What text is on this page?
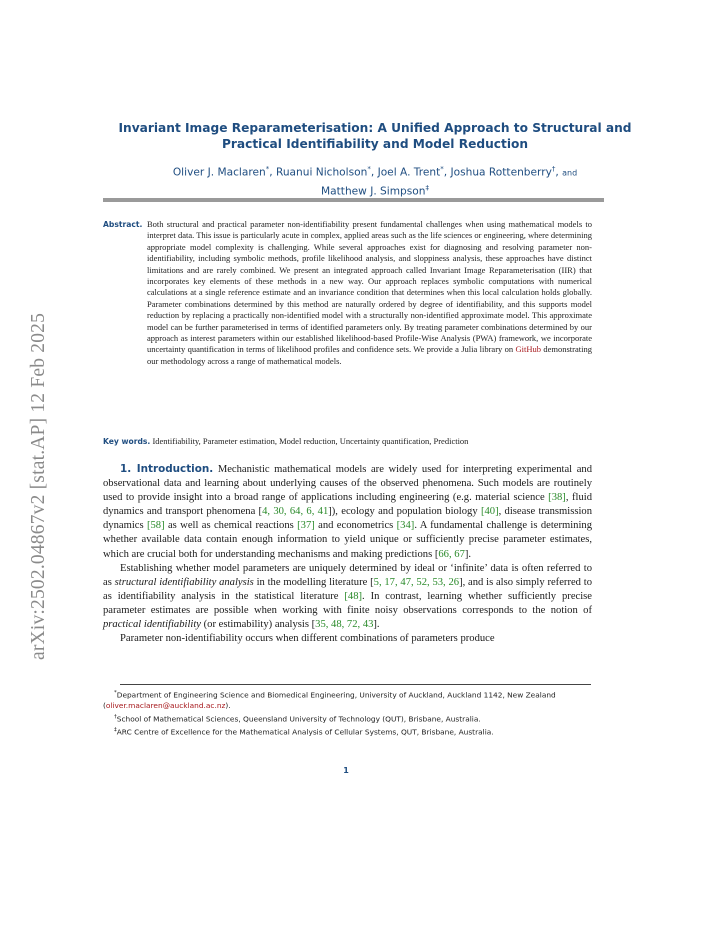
arXiv:2502.04867v2 [stat.AP] 12 Feb 2025
Invariant Image Reparameterisation: A Unified Approach to Structural and
Practical Identifiability and Model Reduction
Oliver J. Maclaren*, Ruanui Nicholson*, Joel A. Trent*, Joshua Rottenberry†, and
Matthew J. Simpson‡
Abstract. Both structural and practical parameter non-identifiability present fundamental challenges when using mathematical models to interpret data. This issue is particularly acute in complex, applied areas such as the life sciences or engineering, where determining appropriate model complexity is challenging. While several approaches exist for diagnosing and resolving parameter non-identifiability, including symbolic methods, profile likelihood analysis, and sloppiness analysis, these approaches have distinct limitations and are rarely combined. We present an integrated approach called Invariant Image Reparameterisation (IIR) that incorporates key elements of these methods in a new way. Our approach replaces symbolic computations with numerical calculations at a single reference estimate and an invariance condition that determines when this local calculation holds globally. Parameter combinations determined by this method are naturally ordered by degree of identifiability, and this supports model reduction by replacing a practically non-identified model with a structurally non-identified approximate model. This approximate model can be further parameterised in terms of identified parameters only. By treating parameter combinations determined by our approach as interest parameters within our established likelihood-based Profile-Wise Analysis (PWA) framework, we incorporate uncertainty quantification in terms of likelihood profiles and confidence sets. We provide a Julia library on GitHub demonstrating our methodology across a range of mathematical models.
Key words. Identifiability, Parameter estimation, Model reduction, Uncertainty quantification, Prediction

1. Introduction. Mechanistic mathematical models are widely used for interpreting experimental and observational data and learning about underlying causes of the observed phenomena. Such models are routinely used to provide insight into a broad range of applications including engineering (e.g. material science [38], fluid dynamics and transport phenomena [4, 30, 64, 6, 41]), ecology and population biology [40], disease transmission dynamics [58] as well as chemical reactions [37] and econometrics [34]. A fundamental challenge is determining whether available data contain enough information to yield unique or sufficiently precise parameter estimates, which are crucial both for understanding mechanisms and making predictions [66, 67].

Establishing whether model parameters are uniquely determined by ideal or ‘infinite’ data is often referred to as structural identifiability analysis in the modelling literature [5, 17, 47, 52, 53, 26], and is also simply referred to as identifiability analysis in the statistical literature [48]. In contrast, learning whether sufficiently precise parameter estimates are possible when working with finite noisy observations corresponds to the notion of practical identifiability (or estimability) analysis [35, 48, 72, 43].

Parameter non-identifiability occurs when different combinations of parameters produce

*Department of Engineering Science and Biomedical Engineering, University of Auckland, Auckland 1142, New Zealand (oliver.maclaren@auckland.ac.nz).
†School of Mathematical Sciences, Queensland University of Technology (QUT), Brisbane, Australia.
‡ARC Centre of Excellence for the Mathematical Analysis of Cellular Systems, QUT, Brisbane, Australia.
1
